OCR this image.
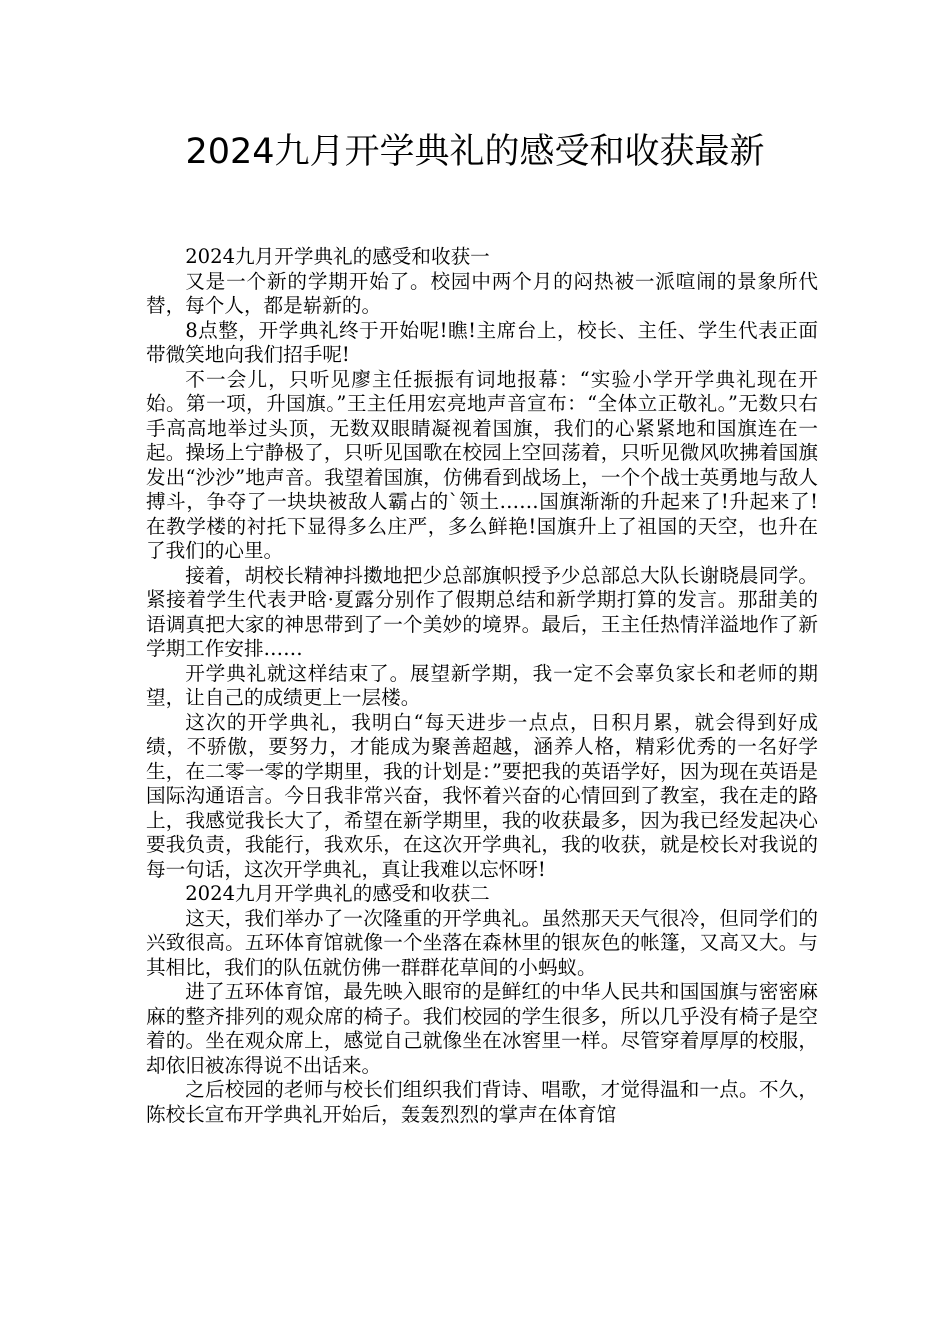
2024九月开学典礼的感受和收获最新

2024九月开学典礼的感受和收获一

又是一个新的学期开始了。校园中两个月的闷热被一派喧闹的景象所代替，每个人，都是崭新的。

8点整，开学典礼终于开始呢!瞧!主席台上，校长、主任、学生代表正面带微笑地向我们招手呢!

不一会儿，只听见廖主任振振有词地报幕：“实验小学开学典礼现在开始。第一项，升国旗。”王主任用宏亮地声音宣布：“全体立正敬礼。”无数只右手高高地举过头顶，无数双眼睛凝视着国旗，我们的心紧紧地和国旗连在一起。操场上宁静极了，只听见国歌在校园上空回荡着，只听见微风吹拂着国旗发出“沙沙”地声音。我望着国旗，仿佛看到战场上，一个个战士英勇地与敌人搏斗，争夺了一块块被敌人霸占的`领土……国旗渐渐的升起来了!升起来了!在教学楼的衬托下显得多么庄严，多么鲜艳!国旗升上了祖国的天空，也升在了我们的心里。

接着，胡校长精神抖擞地把少总部旗帜授予少总部总大队长谢晓晨同学。紧接着学生代表尹晗·夏露分别作了假期总结和新学期打算的发言。那甜美的语调真把大家的神思带到了一个美妙的境界。最后，王主任热情洋溢地作了新学期工作安排……

开学典礼就这样结束了。展望新学期，我一定不会辜负家长和老师的期望，让自己的成绩更上一层楼。

这次的开学典礼，我明白“每天进步一点点，日积月累，就会得到好成绩，不骄傲，要努力，才能成为聚善超越，涵养人格，精彩优秀的一名好学生，在二零一零的学期里，我的计划是：”要把我的英语学好，因为现在英语是国际沟通语言。今日我非常兴奋，我怀着兴奋的心情回到了教室，我在走的路上，我感觉我长大了，希望在新学期里，我的收获最多，因为我已经发起决心要我负责，我能行，我欢乐，在这次开学典礼，我的收获，就是校长对我说的每一句话，这次开学典礼，真让我难以忘怀呀!

2024九月开学典礼的感受和收获二

这天，我们举办了一次隆重的开学典礼。虽然那天天气很冷，但同学们的兴致很高。五环体育馆就像一个坐落在森林里的银灰色的帐篷，又高又大。与其相比，我们的队伍就仿佛一群群花草间的小蚂蚁。

进了五环体育馆，最先映入眼帘的是鲜红的中华人民共和国国旗与密密麻麻的整齐排列的观众席的椅子。我们校园的学生很多，所以几乎没有椅子是空着的。坐在观众席上，感觉自己就像坐在冰窖里一样。尽管穿着厚厚的校服，却依旧被冻得说不出话来。

之后校园的老师与校长们组织我们背诗、唱歌，才觉得温和一点。不久，陈校长宣布开学典礼开始后，轰轰烈烈的掌声在体育馆
